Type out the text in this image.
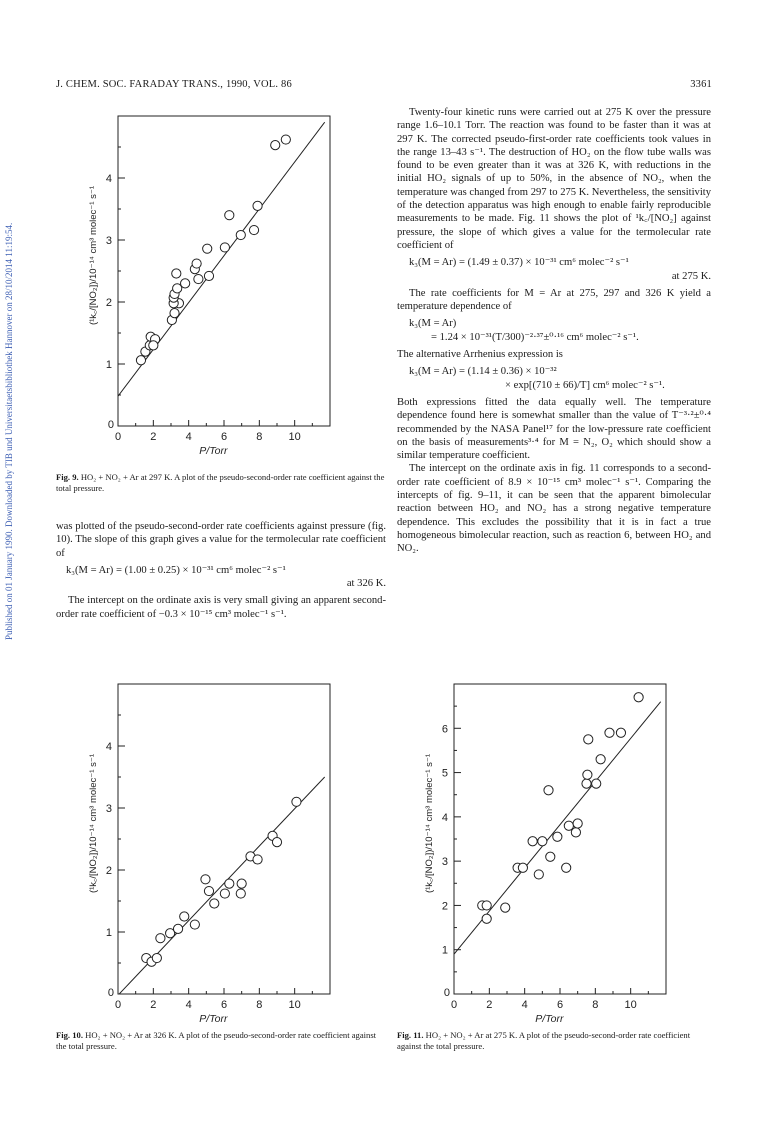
J. CHEM. SOC. FARADAY TRANS., 1990, VOL. 86	3361
Published on 01 January 1990. Downloaded by TIB und Universitaetsbibliothek Hannover on 28/10/2014 11:19:54.	0	2	4	6	8 10
1
2
3
4
0
P/Torr
(¹k꜀/[NO₂])/10⁻¹⁴ cm³ molec⁻¹ s⁻¹
Fig. 9. HO₂ + NO₂ + Ar at 297 K. A plot of the pseudo-second-order rate coefficient against the total pressure.

was plotted of the pseudo-second-order rate coefficients against pressure (fig. 10). The slope of this graph gives a value for the termolecular rate coefficient of

k₃(M = Ar) = (1.00 ± 0.25) × 10⁻³¹ cm⁶ molec⁻² s⁻¹
at 326 K.

The intercept on the ordinate axis is very small giving an apparent second-order rate coefficient of −0.3 × 10⁻¹⁵ cm³ molec⁻¹ s⁻¹.

0	2	4	6	8 10
1
2
3
4
0
P/Torr
(¹k꜀/[NO₂])/10⁻¹⁴ cm³ molec⁻¹ s⁻¹
Fig. 10. HO₂ + NO₂ + Ar at 326 K. A plot of the pseudo-second-order rate coefficient against the total pressure.

Twenty-four kinetic runs were carried out at 275 K over the pressure range 1.6–10.1 Torr. The reaction was found to be faster than it was at 297 K. The corrected pseudo-first-order rate coefficients took values in the range 13–43 s⁻¹. The destruction of HO₂ on the flow tube walls was found to be even greater than it was at 326 K, with reductions in the initial HO₂ signals of up to 50%, in the absence of NO₂, when the temperature was changed from 297 to 275 K. Nevertheless, the sensitivity of the detection apparatus was high enough to enable fairly reproducible measurements to be made. Fig. 11 shows the plot of ¹k꜀/[NO₂] against pressure, the slope of which gives a value for the termolecular rate coefficient of

k₃(M = Ar) = (1.49 ± 0.37) × 10⁻³¹ cm⁶ molec⁻² s⁻¹
at 275 K.

The rate coefficients for M = Ar at 275, 297 and 326 K yield a temperature dependence of

k₃(M = Ar)
= 1.24 × 10⁻³¹(T/300)⁻²·³⁷±⁰·¹⁶ cm⁶ molec⁻² s⁻¹.

The alternative Arrhenius expression is

k₃(M = Ar) = (1.14 ± 0.36) × 10⁻³²
× exp[(710 ± 66)/T] cm⁶ molec⁻² s⁻¹.

Both expressions fitted the data equally well. The temperature dependence found here is somewhat smaller than the value of T⁻³·²±⁰·⁴ recommended by the NASA Panel¹⁷ for the low-pressure rate coefficient on the basis of measurements³·⁴ for M = N₂, O₂ which should show a similar temperature coefficient.

The intercept on the ordinate axis in fig. 11 corresponds to a second-order rate coefficient of 8.9 × 10⁻¹⁵ cm³ molec⁻¹ s⁻¹. Comparing the intercepts of fig. 9–11, it can be seen that the apparent bimolecular reaction between HO₂ and NO₂ has a strong negative temperature dependence. This excludes the possibility that it is in fact a true homogeneous bimolecular reaction, such as reaction 6, between HO₂ and NO₂.

0	2	4	6	8 10
1
2
3
4
5
6
0
P/Torr
(¹k꜀/[NO₂])/10⁻¹⁴ cm³ molec⁻¹ s⁻¹
Fig. 11. HO₂ + NO₂ + Ar at 275 K. A plot of the pseudo-second-order rate coefficient against the total pressure.
